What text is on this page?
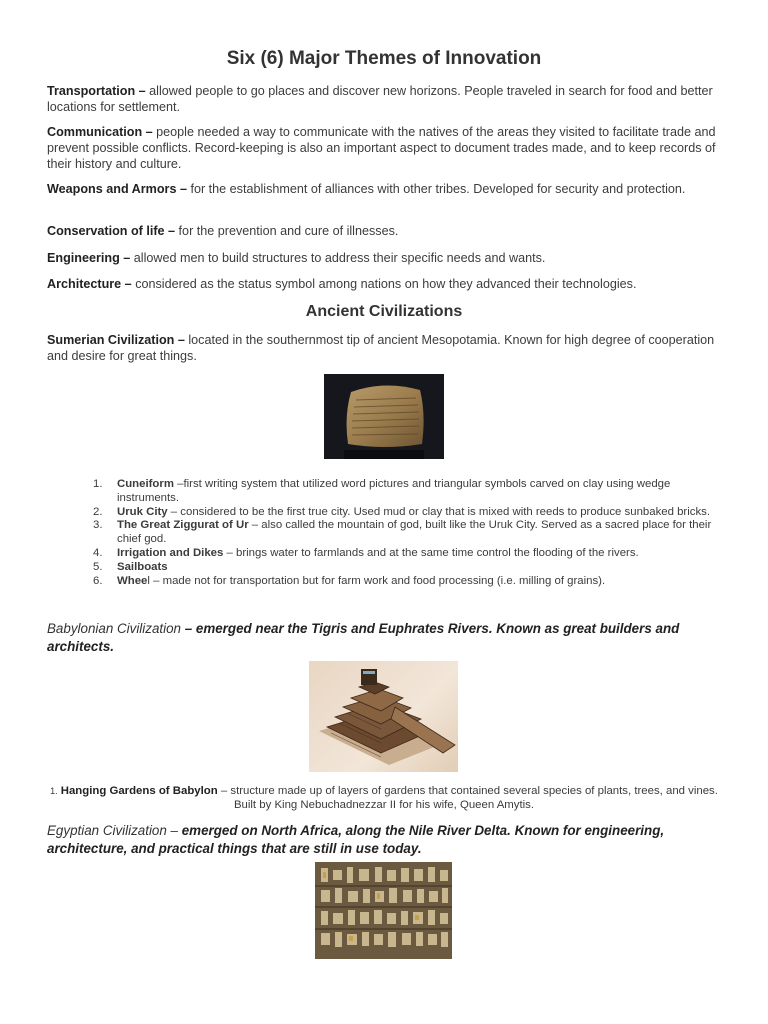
Six (6) Major Themes of Innovation

Transportation – allowed people to go places and discover new horizons. People traveled in search for food and better locations for settlement.

Communication – people needed a way to communicate with the natives of the areas they visited to facilitate trade and prevent possible conflicts. Record-keeping is also an important aspect to document trades made, and to keep records of their history and culture.

Weapons and Armors – for the establishment of alliances with other tribes. Developed for security and protection.

Conservation of life – for the prevention and cure of illnesses.

Engineering – allowed men to build structures to address their specific needs and wants.

Architecture – considered as the status symbol among nations on how they advanced their technologies.

Ancient Civilizations

Sumerian Civilization – located in the southernmost tip of ancient Mesopotamia. Known for high degree of cooperation and desire for great things.

1. Cuneiform –first writing system that utilized word pictures and triangular symbols carved on clay using wedge instruments.
2. Uruk City – considered to be the first true city. Used mud or clay that is mixed with reeds to produce sunbaked bricks.
3. The Great Ziggurat of Ur – also called the mountain of god, built like the Uruk City. Served as a sacred place for their chief god.
4. Irrigation and Dikes – brings water to farmlands and at the same time control the flooding of the rivers.
5. Sailboats
6. Wheel – made not for transportation but for farm work and food processing (i.e. milling of grains).

Babylonian Civilization – emerged near the Tigris and Euphrates Rivers. Known as great builders and architects.

1. Hanging Gardens of Babylon – structure made up of layers of gardens that contained several species of plants, trees, and vines. Built by King Nebuchadnezzar II for his wife, Queen Amytis.

Egyptian Civilization – emerged on North Africa, along the Nile River Delta. Known for engineering, architecture, and practical things that are still in use today.
